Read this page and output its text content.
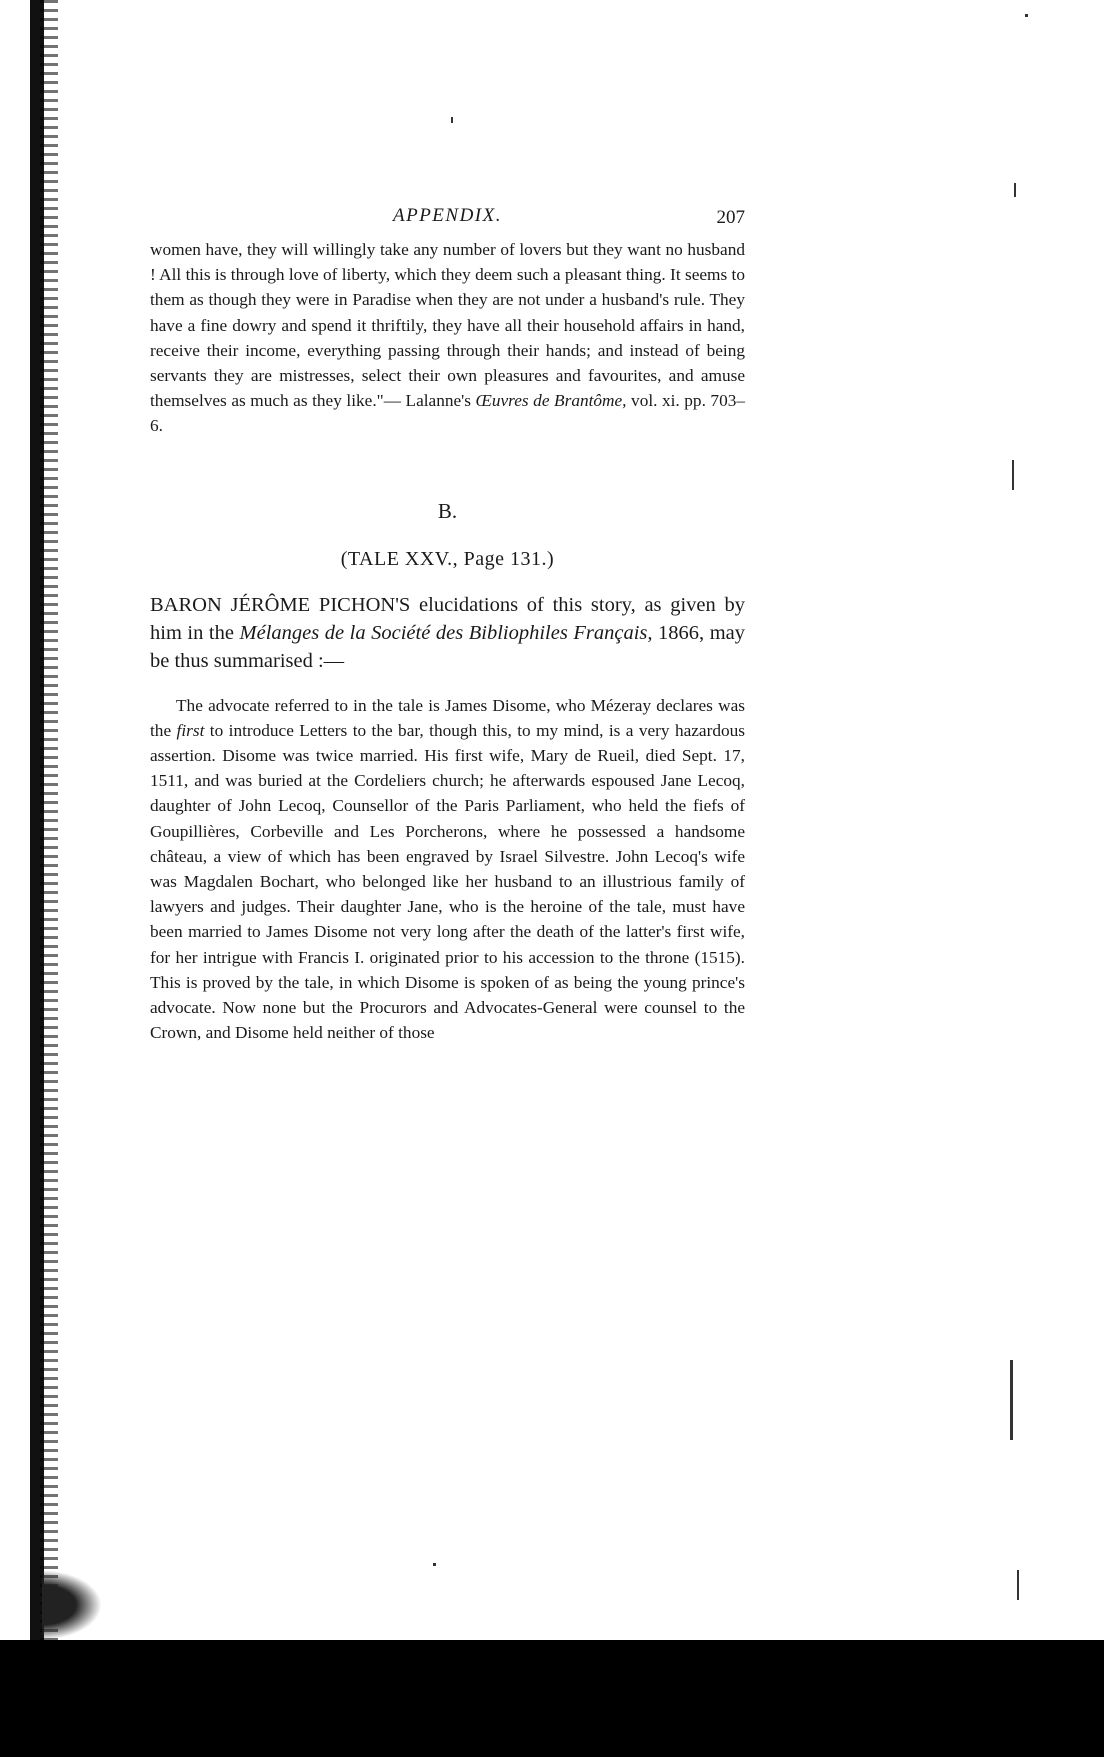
APPENDIX.	207

women have, they will willingly take any number of lovers but they want no husband ! All this is through love of liberty, which they deem such a pleasant thing. It seems to them as though they were in Paradise when they are not under a husband's rule. They have a fine dowry and spend it thriftily, they have all their household affairs in hand, receive their income, everything passing through their hands; and instead of being servants they are mistresses, select their own pleasures and favourites, and amuse themselves as much as they like."— Lalanne's Œuvres de Brantôme, vol. xi. pp. 703–6.

B.
(TALE XXV., Page 131.)

BARON JÉRÔME PICHON'S elucidations of this story, as given by him in the Mélanges de la Société des Bibliophiles Français, 1866, may be thus summarised :—

The advocate referred to in the tale is James Disome, who Mézeray declares was the first to introduce Letters to the bar, though this, to my mind, is a very hazardous assertion. Disome was twice married. His first wife, Mary de Rueil, died Sept. 17, 1511, and was buried at the Cordeliers church; he afterwards espoused Jane Lecoq, daughter of John Lecoq, Counsellor of the Paris Parliament, who held the fiefs of Goupillières, Corbeville and Les Porcherons, where he possessed a handsome château, a view of which has been engraved by Israel Silvestre. John Lecoq's wife was Magdalen Bochart, who belonged like her husband to an illustrious family of lawyers and judges. Their daughter Jane, who is the heroine of the tale, must have been married to James Disome not very long after the death of the latter's first wife, for her intrigue with Francis I. originated prior to his accession to the throne (1515). This is proved by the tale, in which Disome is spoken of as being the young prince's advocate. Now none but the Procurors and Advocates-General were counsel to the Crown, and Disome held neither of those
